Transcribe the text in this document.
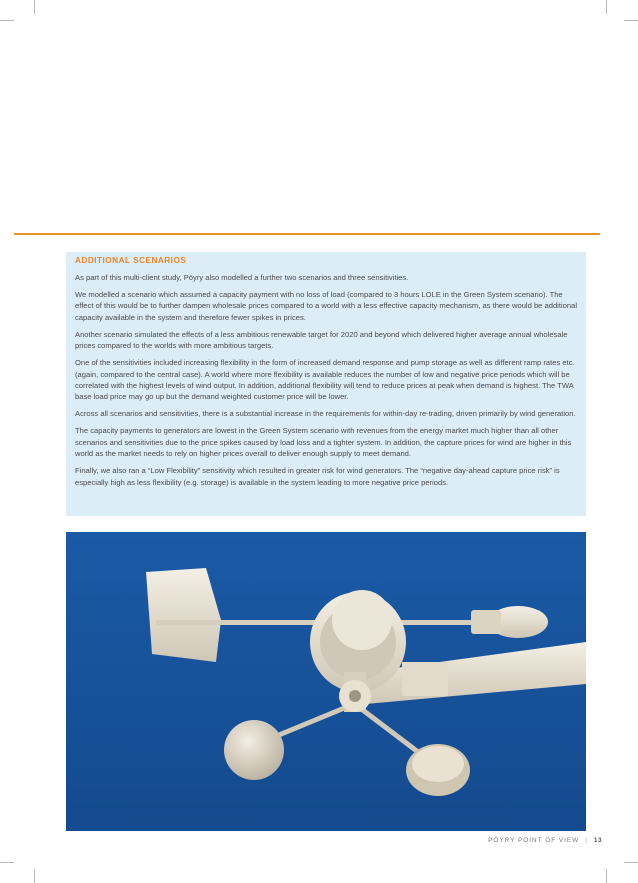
ADDITIONAL SCENARIOS

As part of this multi-client study, Pöyry also modelled a further two scenarios and three sensitivities.

We modelled a scenario which assumed a capacity payment with no loss of load (compared to 3 hours LOLE in the Green System scenario). The effect of this would be to further dampen wholesale prices compared to a world with a less effective capacity mechanism, as there would be additional capacity available in the system and therefore fewer spikes in prices.

Another scenario simulated the effects of a less ambitious renewable target for 2020 and beyond which delivered higher average annual wholesale prices compared to the worlds with more ambitious targets.

One of the sensitivities included increasing flexibility in the form of increased demand response and pump storage as well as different ramp rates etc. (again, compared to the central case). A world where more flexibility is available reduces the number of low and negative price periods which will be correlated with the highest levels of wind output. In addition, additional flexibility will tend to reduce prices at peak when demand is highest. The TWA base load price may go up but the demand weighted customer price will be lower.

Across all scenarios and sensitivities, there is a substantial increase in the requirements for within-day re-trading, driven primarily by wind generation.

The capacity payments to generators are lowest in the Green System scenario with revenues from the energy market much higher than all other scenarios and sensitivities due to the price spikes caused by load loss and a tighter system. In addition, the capture prices for wind are higher in this world as the market needs to rely on higher prices overall to deliver enough supply to meet demand.

Finally, we also ran a “Low Flexibility” sensitivity which resulted in greater risk for wind generators. The “negative day-ahead capture price risk” is especially high as less flexibility (e.g. storage) is available in the system leading to more negative price periods.

PÖYRY POINT OF VIEW | 13
